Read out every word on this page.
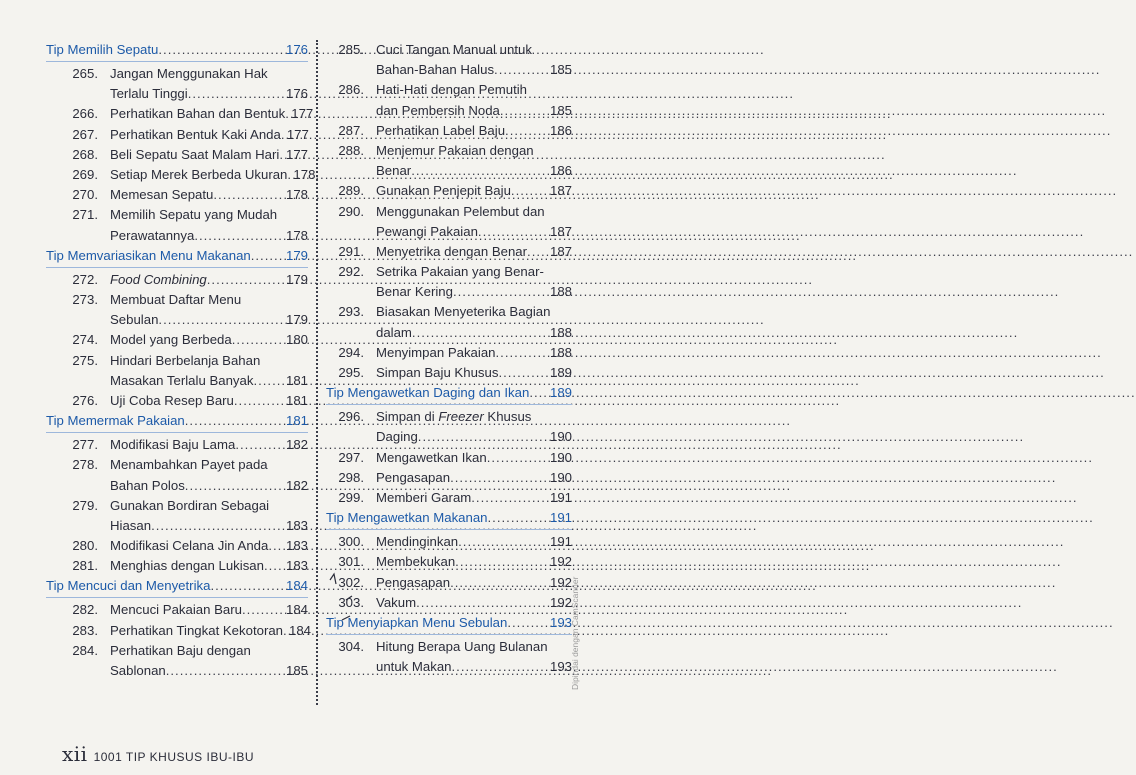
Tip Memilih Sepatu .....	176
265. Jangan Menggunakan Hak
Terlalu Tinggi .....	176
266. Perhatikan Bahan dan Bentuk ..... 177
267. Perhatikan Bentuk Kaki Anda ..... 177
268. Beli Sepatu Saat Malam Hari ..... 177
269. Setiap Merek Berbeda Ukuran ..... 178
270. Memesan Sepatu .....	178
271. Memilih Sepatu yang Mudah
Perawatannya .....	178
Tip Memvariasikan Menu Makanan .....	179
272. Food Combining .....	179
273. Membuat Daftar Menu
Sebulan .....	179
274. Model yang Berbeda .....	180
275. Hindari Berbelanja Bahan
Masakan Terlalu Banyak ..... 181
276. Uji Coba Resep Baru .....	181
Tip Memermak Pakaian .....	181
277. Modifikasi Baju Lama .....	182
278. Menambahkan Payet pada
Bahan Polos .....	182
279. Gunakan Bordiran Sebagai
Hiasan .....	183
280. Modifikasi Celana Jin Anda ..... 183
281. Menghias dengan Lukisan ..... 183
Tip Mencuci dan Menyetrika .....	184
282. Mencuci Pakaian Baru .....	184
283. Perhatikan Tingkat Kekotoran ..... 184
284. Perhatikan Baju dengan
Sablonan .....	185
285. Cuci Tangan Manual untuk
Bahan-Bahan Halus .....	185
286. Hati-Hati dengan Pemutih
dan Pembersih Noda .....	185
287. Perhatikan Label Baju .....	186
288. Menjemur Pakaian dengan
Benar .....	186
289. Gunakan Penjepit Baju .....	187
290. Menggunakan Pelembut dan
Pewangi Pakaian .....	187
291. Menyetrika dengan Benar ..... 187
292. Setrika Pakaian yang Benar-
Benar Kering .....	188
293. Biasakan Menyeterika Bagian
dalam .....	188
294. Menyimpan Pakaian .....	188
295. Simpan Baju Khusus .....	189
Tip Mengawetkan Daging dan Ikan ..... 189
296. Simpan di Freezer Khusus
Daging .....	190
297. Mengawetkan Ikan .....	190
298. Pengasapan .....	190
299. Memberi Garam .....	191
Tip Mengawetkan Makanan .....	191
300. Mendinginkan .....	191
301. Membekukan .....	192
302. Pengasapan .....	192
303. Vakum .....	192
Tip Menyiapkan Menu Sebulan .....	193
304. Hitung Berapa Uang Bulanan
untuk Makan .....	193
xii 1001 TIP KHUSUS IBU-IBU
Dipindai dengan CamScanner
